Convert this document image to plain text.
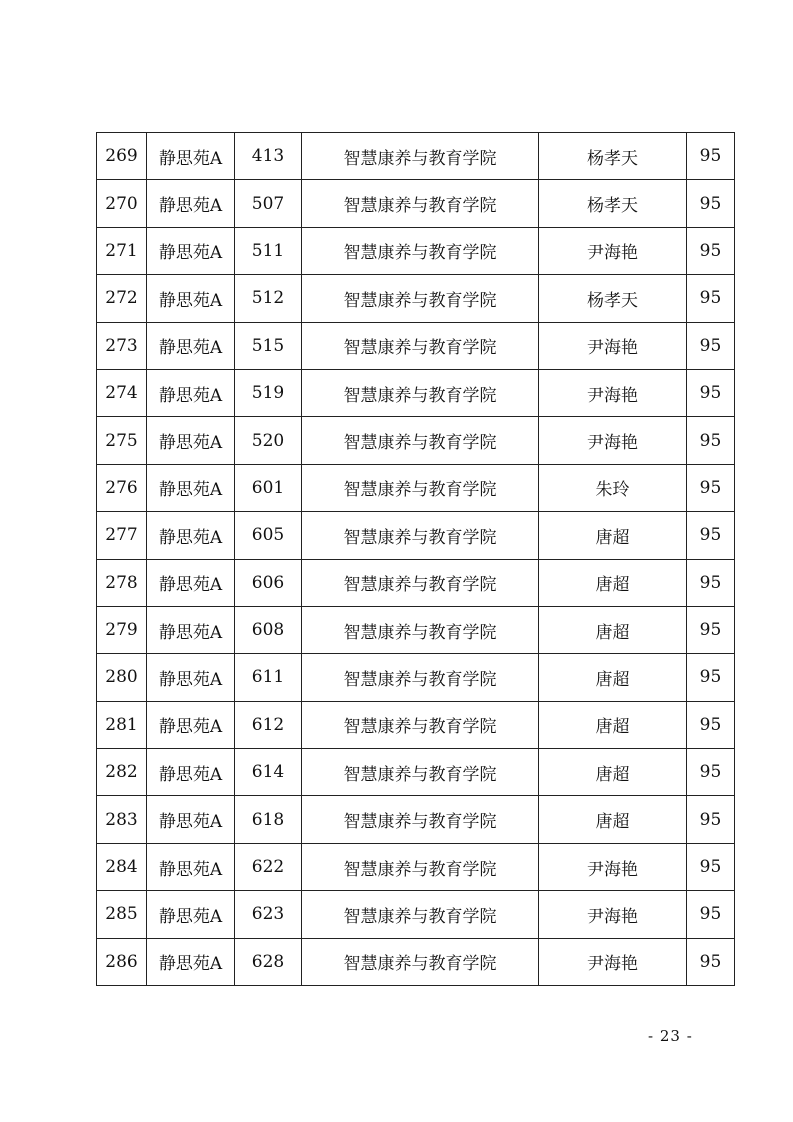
269	静思苑A	413	智慧康养与教育学院	杨孝天	95
270	静思苑A	507	智慧康养与教育学院	杨孝天	95
271	静思苑A	511	智慧康养与教育学院	尹海艳	95
272	静思苑A	512	智慧康养与教育学院	杨孝天	95
273	静思苑A	515	智慧康养与教育学院	尹海艳	95
274	静思苑A	519	智慧康养与教育学院	尹海艳	95
275	静思苑A	520	智慧康养与教育学院	尹海艳	95
276	静思苑A	601	智慧康养与教育学院	朱玲	95
277	静思苑A	605	智慧康养与教育学院	唐超	95
278	静思苑A	606	智慧康养与教育学院	唐超	95
279	静思苑A	608	智慧康养与教育学院	唐超	95
280	静思苑A	611	智慧康养与教育学院	唐超	95
281	静思苑A	612	智慧康养与教育学院	唐超	95
282	静思苑A	614	智慧康养与教育学院	唐超	95
283	静思苑A	618	智慧康养与教育学院	唐超	95
284	静思苑A	622	智慧康养与教育学院	尹海艳	95
285	静思苑A	623	智慧康养与教育学院	尹海艳	95
286	静思苑A	628	智慧康养与教育学院	尹海艳	95
- 23 -
